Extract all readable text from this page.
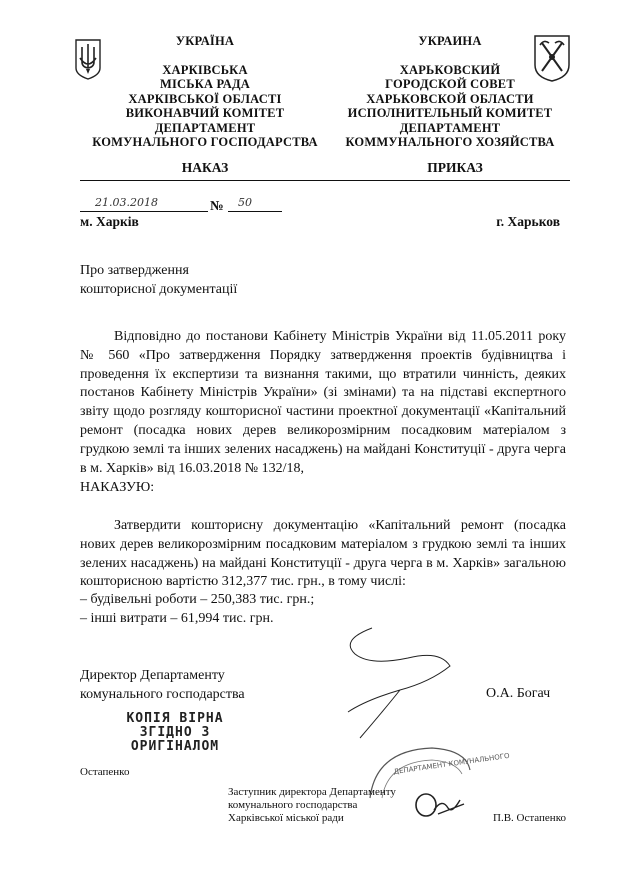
УКРАЇНА
ХАРКІВСЬКА
МІСЬКА РАДА
ХАРКІВСЬКОЇ ОБЛАСТІ
ВИКОНАВЧИЙ КОМІТЕТ
ДЕПАРТАМЕНТ
КОМУНАЛЬНОГО ГОСПОДАРСТВА
УКРАИНА
ХАРЬКОВСКИЙ
ГОРОДСКОЙ СОВЕТ
ХАРЬКОВСКОЙ ОБЛАСТИ
ИСПОЛНИТЕЛЬНЫЙ КОМИТЕТ
ДЕПАРТАМЕНТ
КОММУНАЛЬНОГО ХОЗЯЙСТВА
НАКАЗ	ПРИКАЗ
21.03.2018	№ 50
м. Харків	г. Харьков
Про затвердження
кошторисної документації
Відповідно до постанови Кабінету Міністрів України від 11.05.2011 року № 560 «Про затвердження Порядку затвердження проектів будівництва і проведення їх експертизи та визнання такими, що втратили чинність, деяких постанов Кабінету Міністрів України» (зі змінами) та на підставі експертного звіту щодо розгляду кошторисної частини проектної документації «Капітальний ремонт (посадка нових дерев великорозмірним посадковим матеріалом з грудкою землі та інших зелених насаджень) на майдані Конституції - друга черга в м. Харків» від 16.03.2018 № 132/18,
НАКАЗУЮ:
Затвердити кошторисну документацію «Капітальний ремонт (посадка нових дерев великорозмірним посадковим матеріалом з грудкою землі та інших зелених насаджень) на майдані Конституції - друга черга в м. Харків» загальною кошторисною вартістю 312,377 тис. грн., в тому числі:
– будівельні роботи – 250,383 тис. грн.;
– інші витрати – 61,994 тис. грн.
Директор Департаменту
комунального господарства	О.А. Богач
КОПІЯ ВІРНА
ЗГІДНО З
ОРИГІНАЛОМ
Остапенко	ДЕПАРТАМЕНТ КОМУНАЛЬНОГО
Заступник директора Департаменту
комунального господарства
Харківської міської ради	П.В. Остапенко
